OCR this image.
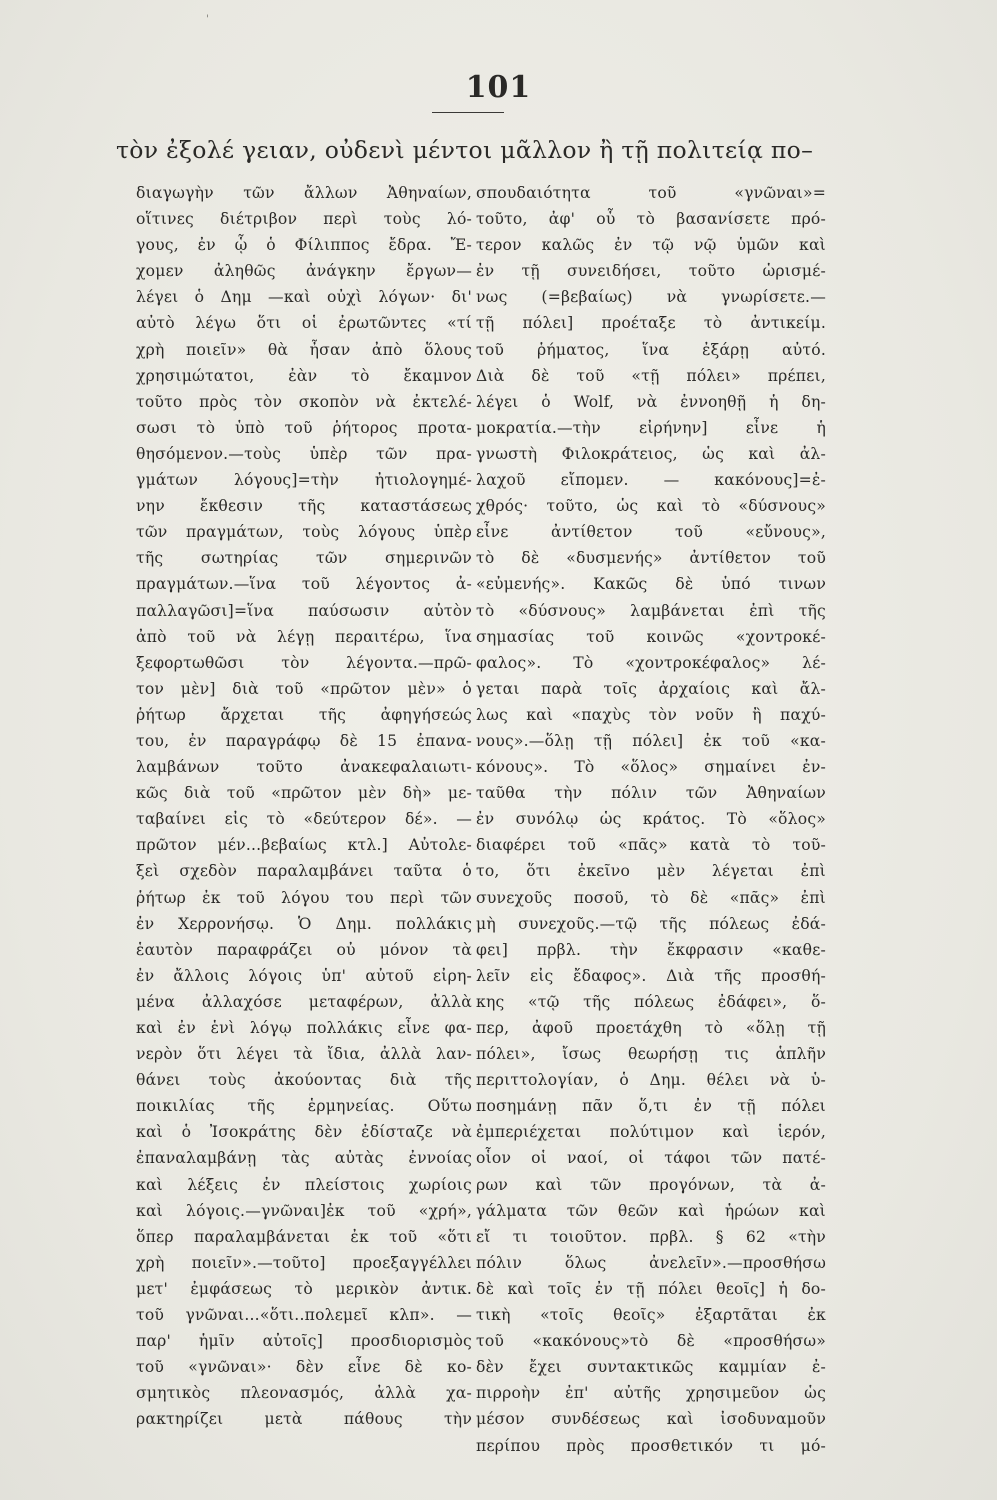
'
101
τὸν ἐξολέ γειαν, οὐδενὶ μέντοι μᾶλλον ἢ τῇ πολιτείᾳ πο–
διαγωγὴν τῶν ἄλλων Ἀθηναίων,
οἵτινες διέτριβον περὶ τοὺς λό-
γους, ἐν ᾧ ὁ Φίλιππος ἔδρα. Ἔ-
χομεν ἀληθῶς ἀνάγκην ἔργων—
λέγει ὁ Δημ —καὶ οὐχὶ λόγων· δι'
αὐτὸ λέγω ὅτι οἱ ἐρωτῶντες «τί
χρὴ ποιεῖν» θὰ ἦσαν ἀπὸ ὅλους
χρησιμώτατοι, ἐὰν τὸ ἔκαμνον
τοῦτο πρὸς τὸν σκοπὸν νὰ ἐκτελέ-
σωσι τὸ ὑπὸ τοῦ ῥήτορος προτα-
θησόμενον.—τοὺς ὑπὲρ τῶν πρα-
γμάτων λόγους]=τὴν ἠτιολογημέ-
νην ἔκθεσιν τῆς καταστάσεως
τῶν πραγμάτων, τοὺς λόγους ὑπὲρ
τῆς σωτηρίας τῶν σημερινῶν
πραγμάτων.—ἵνα τοῦ λέγοντος ἀ-
παλλαγῶσι]=ἵνα παύσωσιν αὐτὸν
ἀπὸ τοῦ νὰ λέγῃ περαιτέρω, ἵνα
ξεφορτωθῶσι τὸν λέγοντα.—πρῶ-
τον μὲν] διὰ τοῦ «πρῶτον μὲν» ὁ
ῥήτωρ ἄρχεται τῆς ἀφηγήσεώς
του, ἐν παραγράφῳ δὲ 15 ἐπανα-
λαμβάνων τοῦτο ἀνακεφαλαιωτι-
κῶς διὰ τοῦ «πρῶτον μὲν δὴ» με-
ταβαίνει εἰς τὸ «δεύτερον δέ». —
πρῶτον μέν...βεβαίως κτλ.] Αὐτολε-
ξεὶ σχεδὸν παραλαμβάνει ταῦτα ὁ
ῥήτωρ ἐκ τοῦ λόγου του περὶ τῶν
ἐν Χερρονήσῳ. Ὁ Δημ. πολλάκις
ἑαυτὸν παραφράζει οὐ μόνον τὰ
ἐν ἄλλοις λόγοις ὑπ' αὐτοῦ εἰρη-
μένα ἀλλαχόσε μεταφέρων, ἀλλὰ
καὶ ἐν ἑνὶ λόγῳ πολλάκις εἶνε φα-
νερὸν ὅτι λέγει τὰ ἴδια, ἀλλὰ λαν-
θάνει τοὺς ἀκούοντας διὰ τῆς
ποικιλίας τῆς ἑρμηνείας. Οὕτω
καὶ ὁ Ἰσοκράτης δὲν ἐδίσταζε νὰ
ἐπαναλαμβάνῃ τὰς αὐτὰς ἐννοίας
καὶ λέξεις ἐν πλείστοις χωρίοις
καὶ λόγοις.—γνῶναι]ἐκ τοῦ «χρή»,
ὅπερ παραλαμβάνεται ἐκ τοῦ «ὅτι
χρὴ ποιεῖν».—τοῦτο] προεξαγγέλλει
μετ' ἐμφάσεως τὸ μερικὸν ἀντικ.
τοῦ γνῶναι...«ὅτι..πολεμεῖ κλπ». —
παρ' ἡμῖν αὐτοῖς] προσδιορισμὸς
τοῦ «γνῶναι»· δὲν εἶνε δὲ κο-
σμητικὸς πλεονασμός, ἀλλὰ χα-
ρακτηρίζει μετὰ πάθους τὴν
σπουδαιότητα τοῦ «γνῶναι»=
τοῦτο, ἀφ' οὗ τὸ βασανίσετε πρό-
τερον καλῶς ἐν τῷ νῷ ὑμῶν καὶ
ἐν τῇ συνειδήσει, τοῦτο ὡρισμέ-
νως (=βεβαίως) νὰ γνωρίσετε.—
τῇ πόλει] προέταξε τὸ ἀντικείμ.
τοῦ ῥήματος, ἵνα ἐξάρῃ αὐτό.
Διὰ δὲ τοῦ «τῇ πόλει» πρέπει,
λέγει ὁ Wolf, νὰ ἐννοηθῇ ἡ δη-
μοκρατία.—τὴν εἰρήνην] εἶνε ἡ
γνωστὴ Φιλοκράτειος, ὡς καὶ ἀλ-
λαχοῦ εἴπομεν. — κακόνους]=ἐ-
χθρός· τοῦτο, ὡς καὶ τὸ «δύσνους»
εἶνε ἀντίθετον τοῦ «εὔνους»,
τὸ δὲ «δυσμενής» ἀντίθετον τοῦ
«εὐμενής». Κακῶς δὲ ὑπό τινων
τὸ «δύσνους» λαμβάνεται ἐπὶ τῆς
σημασίας τοῦ κοινῶς «χοντροκέ-
φαλος». Τὸ «χοντροκέφαλος» λέ-
γεται παρὰ τοῖς ἀρχαίοις καὶ ἄλ-
λως καὶ «παχὺς τὸν νοῦν ἢ παχύ-
νους».—ὅλῃ τῇ πόλει] ἐκ τοῦ «κα-
κόνους». Τὸ «ὅλος» σημαίνει ἐν-
ταῦθα τὴν πόλιν τῶν Ἀθηναίων
ἐν συνόλῳ ὡς κράτος. Τὸ «ὅλος»
διαφέρει τοῦ «πᾶς» κατὰ τὸ τοῦ-
το, ὅτι ἐκεῖνο μὲν λέγεται ἐπὶ
συνεχοῦς ποσοῦ, τὸ δὲ «πᾶς» ἐπὶ
μὴ συνεχοῦς.—τῷ τῆς πόλεως ἐδά-
φει] πρβλ. τὴν ἔκφρασιν «καθε-
λεῖν εἰς ἔδαφος». Διὰ τῆς προσθή-
κης «τῷ τῆς πόλεως ἐδάφει», ὅ-
περ, ἀφοῦ προετάχθη τὸ «ὅλῃ τῇ
πόλει», ἴσως θεωρήσῃ τις ἁπλῆν
περιττολογίαν, ὁ Δημ. θέλει νὰ ὑ-
ποσημάνῃ πᾶν ὅ,τι ἐν τῇ πόλει
ἐμπεριέχεται πολύτιμον καὶ ἱερόν,
οἷον οἱ ναοί, οἱ τάφοι τῶν πατέ-
ρων καὶ τῶν προγόνων, τὰ ἀ-
γάλματα τῶν θεῶν καὶ ἡρώων καὶ
εἴ τι τοιοῦτον. πρβλ. § 62 «τὴν
πόλιν ὅλως ἀνελεῖν».—προσθήσω
δὲ καὶ τοῖς ἐν τῇ πόλει θεοῖς] ἡ δο-
τικὴ «τοῖς θεοῖς» ἐξαρτᾶται ἐκ
τοῦ «κακόνους»τὸ δὲ «προσθήσω»
δὲν ἔχει συντακτικῶς καμμίαν ἐ-
πιρροὴν ἐπ' αὐτῆς χρησιμεῦον ὡς
μέσον συνδέσεως καὶ ἰσοδυναμοῦν
περίπου πρὸς προσθετικόν τι μό-
